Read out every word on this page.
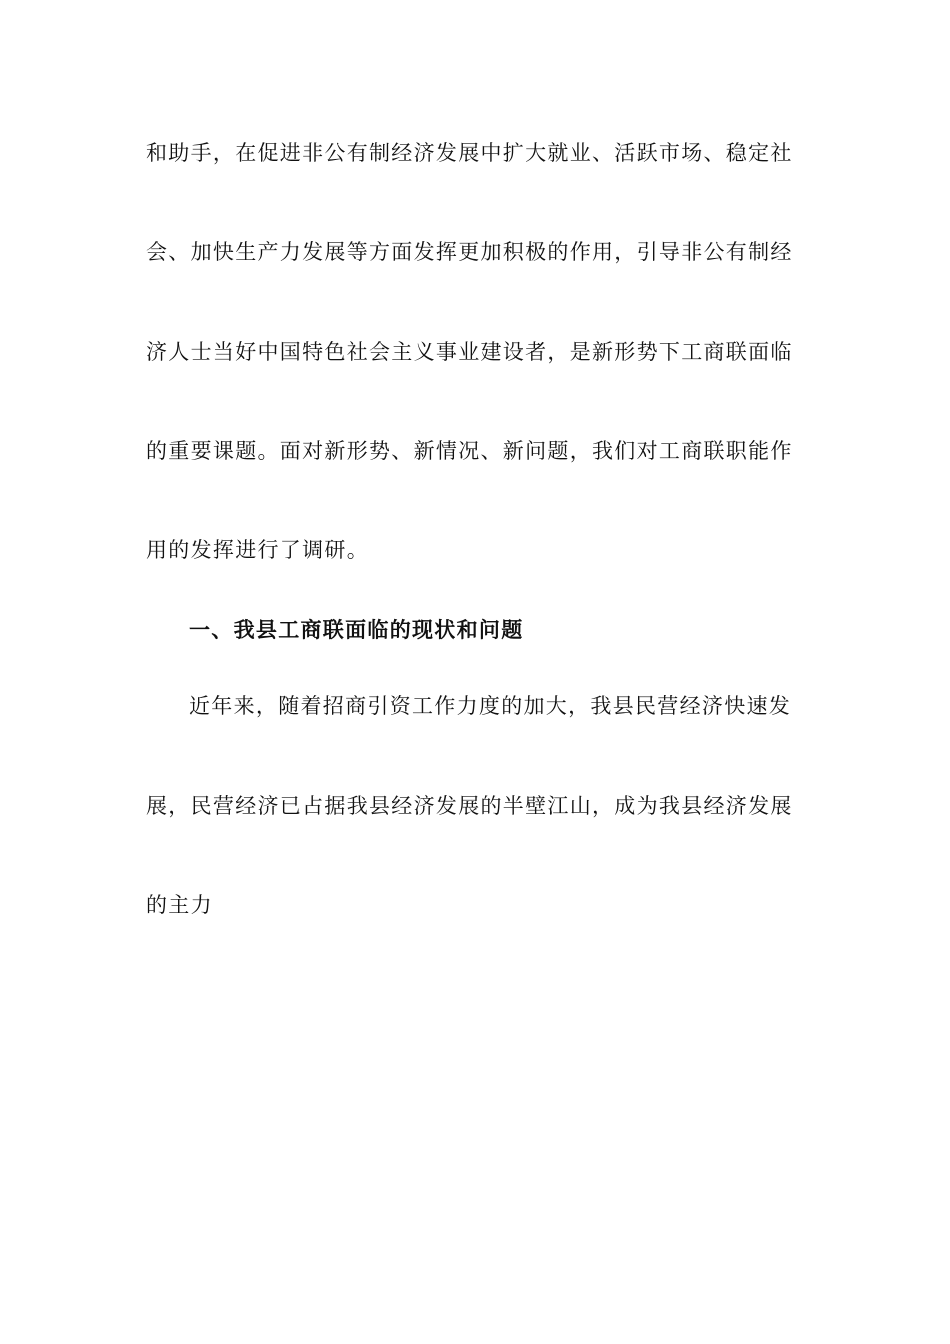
和助手，在促进非公有制经济发展中扩大就业、活跃市场、稳定社
会、加快生产力发展等方面发挥更加积极的作用，引导非公有制经
济人士当好中国特色社会主义事业建设者，是新形势下工商联面临
的重要课题。面对新形势、新情况、新问题，我们对工商联职能作
用的发挥进行了调研。
一、我县工商联面临的现状和问题
近年来，随着招商引资工作力度的加大，我县民营经济快速发
展，民营经济已占据我县经济发展的半壁江山，成为我县经济发展
的主力
